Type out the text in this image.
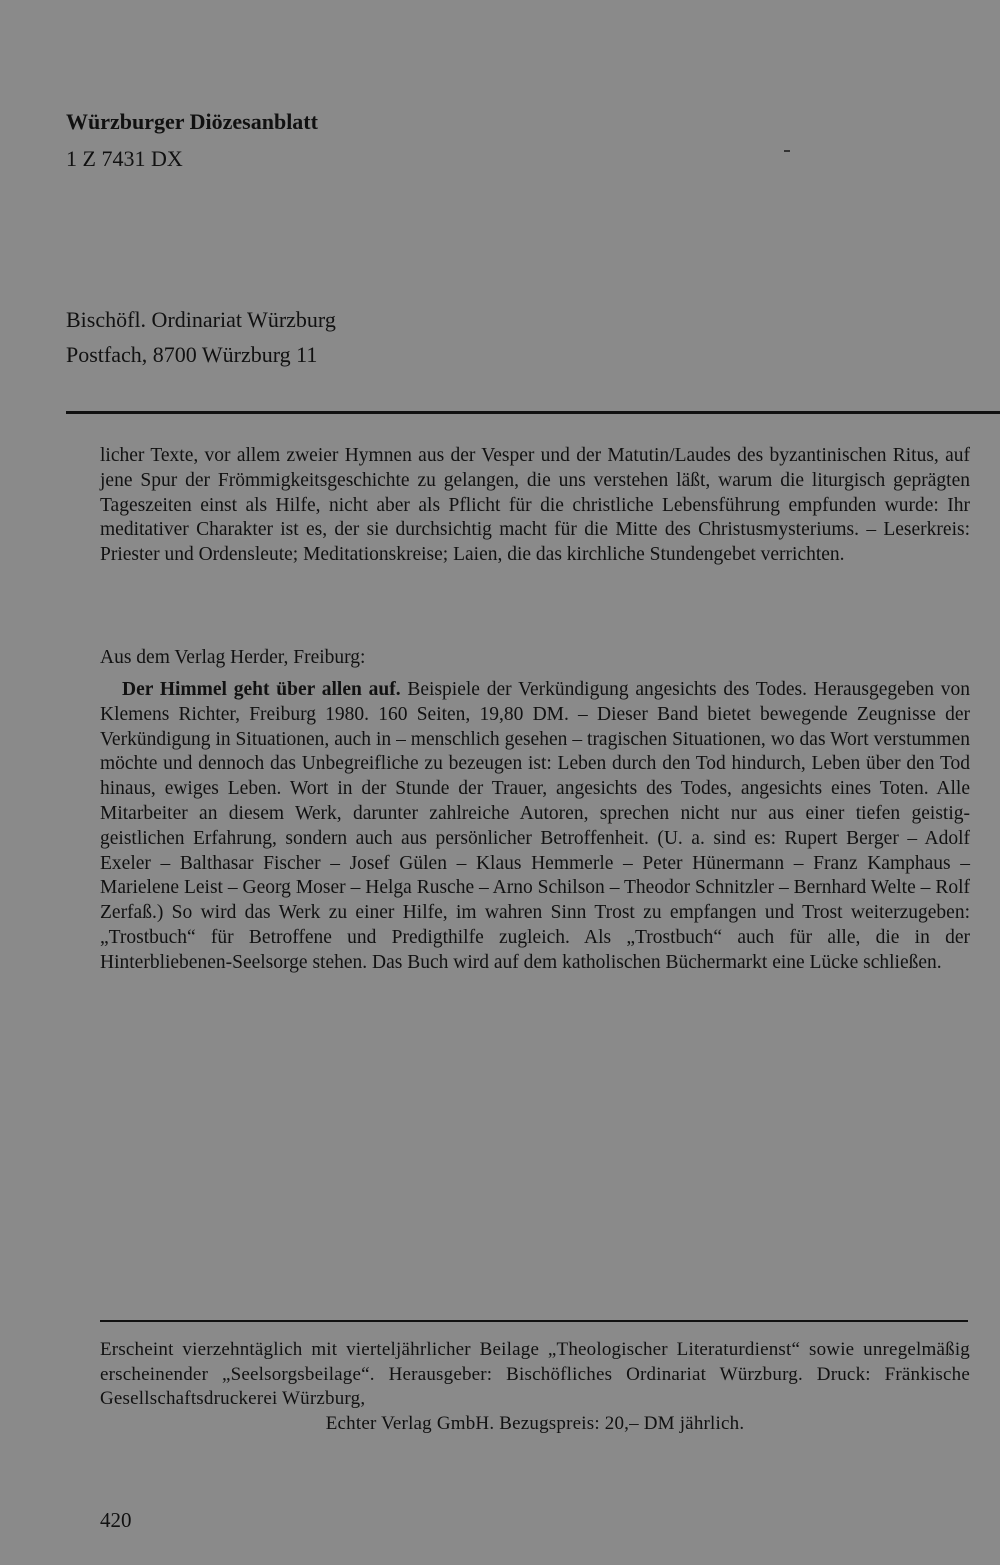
Würzburger Diözesanblatt
1 Z 7431 DX
Bischöfl. Ordinariat Würzburg
Postfach, 8700 Würzburg 11

licher Texte, vor allem zweier Hymnen aus der Vesper und der Matutin/Laudes des byzantinischen Ritus, auf jene Spur der Frömmigkeitsgeschichte zu gelangen, die uns verstehen läßt, warum die liturgisch geprägten Tageszeiten einst als Hilfe, nicht aber als Pflicht für die christliche Lebensführung empfunden wurde: Ihr meditativer Charakter ist es, der sie durchsichtig macht für die Mitte des Christusmysteriums. – Leserkreis: Priester und Ordensleute; Meditationskreise; Laien, die das kirchliche Stundengebet verrichten.

Aus dem Verlag Herder, Freiburg:
Der Himmel geht über allen auf. Beispiele der Verkündigung angesichts des Todes. Herausgegeben von Klemens Richter, Freiburg 1980. 160 Seiten, 19,80 DM. – Dieser Band bietet bewegende Zeugnisse der Verkündigung in Situationen, auch in – menschlich gesehen – tragischen Situationen, wo das Wort verstummen möchte und dennoch das Unbegreifliche zu bezeugen ist: Leben durch den Tod hindurch, Leben über den Tod hinaus, ewiges Leben. Wort in der Stunde der Trauer, angesichts des Todes, angesichts eines Toten. Alle Mitarbeiter an diesem Werk, darunter zahlreiche Autoren, sprechen nicht nur aus einer tiefen geistig-geistlichen Erfahrung, sondern auch aus persönlicher Betroffenheit. (U. a. sind es: Rupert Berger – Adolf Exeler – Balthasar Fischer – Josef Gülen – Klaus Hemmerle – Peter Hünermann – Franz Kamphaus – Marielene Leist – Georg Moser – Helga Rusche – Arno Schilson – Theodor Schnitzler – Bernhard Welte – Rolf Zerfaß.) So wird das Werk zu einer Hilfe, im wahren Sinn Trost zu empfangen und Trost weiterzugeben: „Trostbuch“ für Betroffene und Predigthilfe zugleich. Als „Trostbuch“ auch für alle, die in der Hinterbliebenen-Seelsorge stehen. Das Buch wird auf dem katholischen Büchermarkt eine Lücke schließen.
Erscheint vierzehntäglich mit vierteljährlicher Beilage „Theologischer Literaturdienst“ sowie unregelmäßig erscheinender „Seelsorgsbeilage“. Herausgeber: Bischöfliches Ordinariat Würzburg. Druck: Fränkische Gesellschaftsdruckerei Würzburg,
Echter Verlag GmbH. Bezugspreis: 20,– DM jährlich.
420
